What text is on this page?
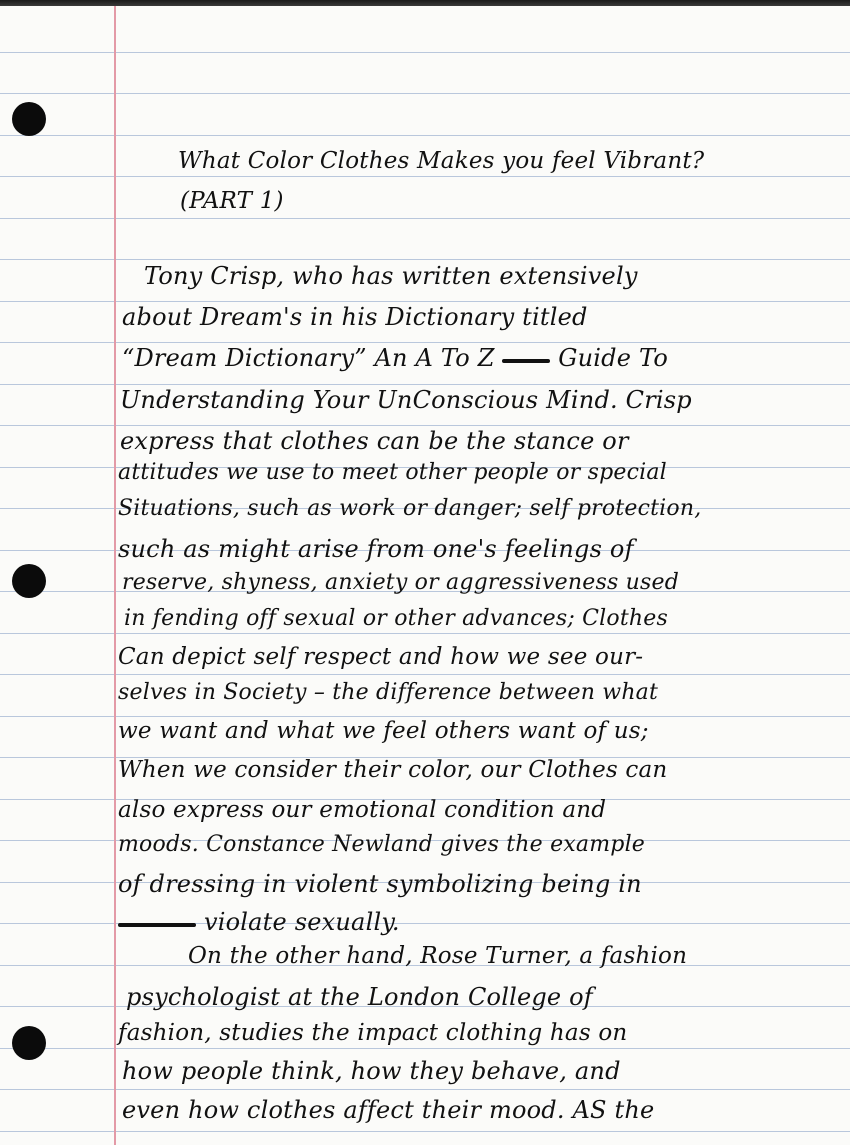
What Color Clothes Makes you feel Vibrant?
(PART 1)
Tony Crisp, who has written extensively
about Dream's in his Dictionary titled
“Dream Dictionary” An A To Z	Guide To
Understanding Your UnConscious Mind. Crisp
express that clothes can be the stance or
attitudes we use to meet other people or special
Situations, such as work or danger; self protection,
such as might arise from one's feelings of
reserve, shyness, anxiety or aggressiveness used
in fending off sexual or other advances; Clothes
Can depict self respect and how we see our-
selves in Society – the difference between what
we want and what we feel others want of us;
When we consider their color, our Clothes can
also express our emotional condition and
moods. Constance Newland gives the example
of dressing in violent symbolizing being in
violate sexually.
On the other hand, Rose Turner, a fashion
psychologist at the London College of
fashion, studies the impact clothing has on
how people think, how they behave, and
even how clothes affect their mood. AS the
